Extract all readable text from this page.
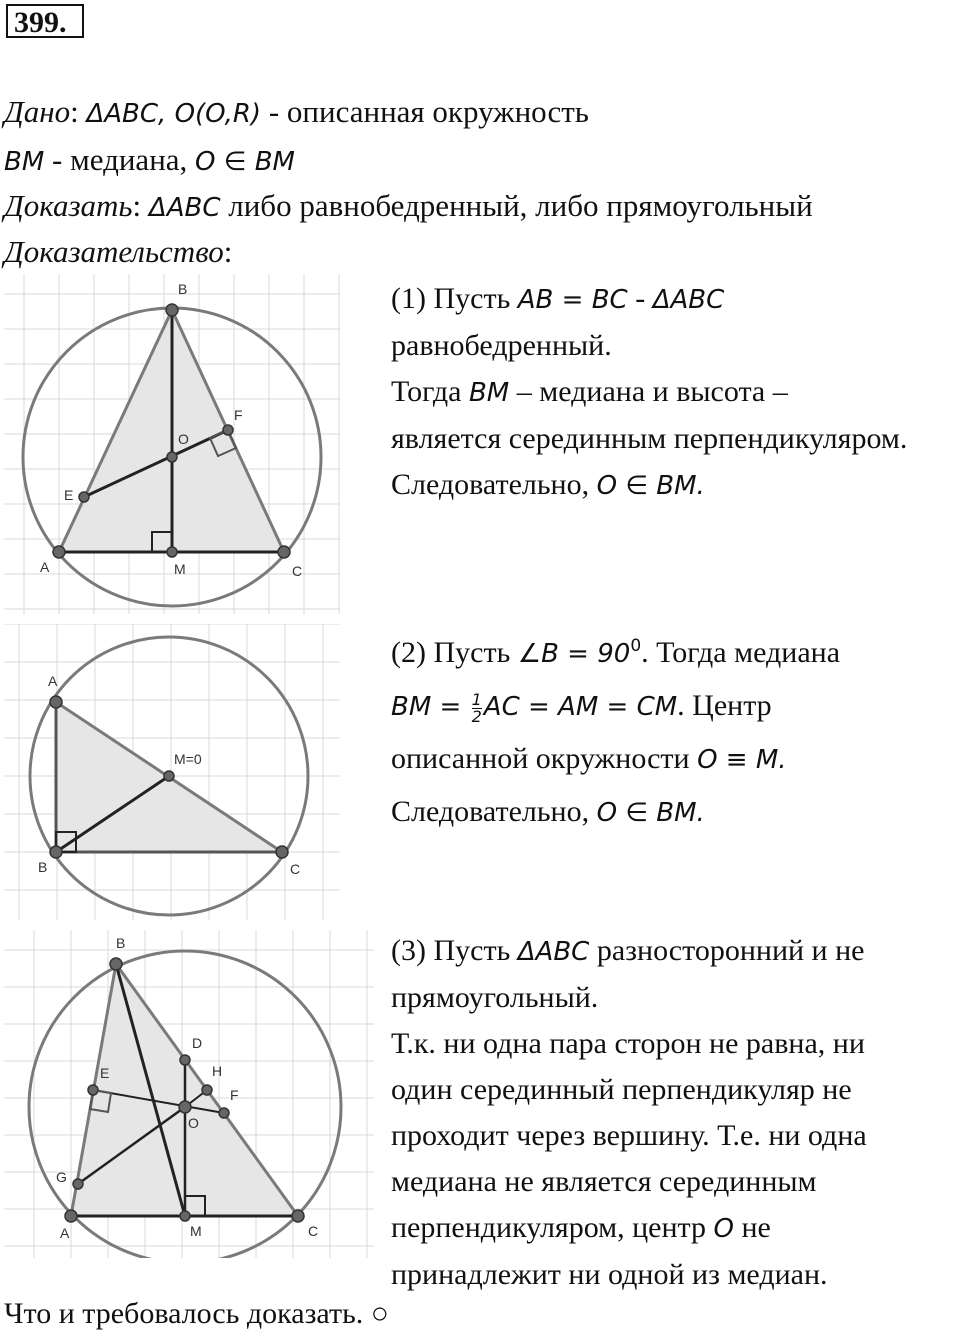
399.
Дано: ΔABC, O(O,R) - описанная окружность
BM - медиана, O ∈ BM
Доказать: ΔABC либо равнобедренный, либо прямоугольный
Доказательство:
B
A	C
M
O
E
F
A
B	C
M=0
B
A	C
M
O
E
F
D
H
G
(1) Пусть AB = BC - ΔABC
равнобедренный.
Тогда BM – медиана и высота –
является серединным перпендикуляром.
Следовательно, O ∈ BM.
(2) Пусть ∠B = $90^0$. Тогда медиана
BM = $\frac{1}{2}$ AC = AM = CM. Центр
описанной окружности O ≡ M.
Следовательно, O ∈ BM.
(3) Пусть ΔABC разносторонний и не
прямоугольный.
Т.к. ни одна пара сторон не равна, ни
один серединный перпендикуляр не
проходит через вершину. Т.е. ни одна
медиана не является серединным
перпендикуляром, центр O не
принадлежит ни одной из медиан.
Что и требовалось доказать. ○
